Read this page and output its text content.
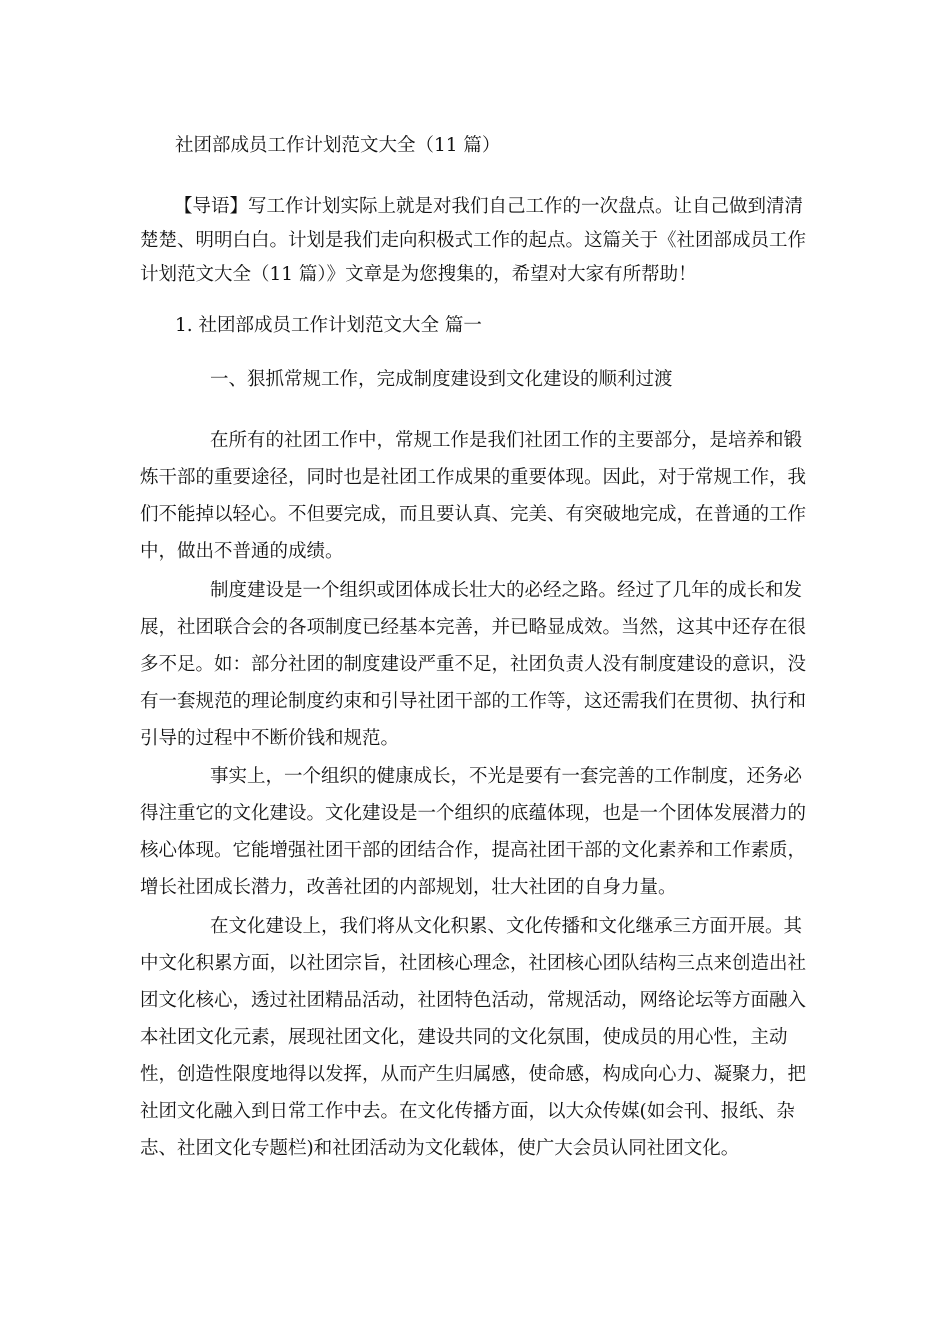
社团部成员工作计划范文大全（11 篇）

【导语】写工作计划实际上就是对我们自己工作的一次盘点。让自己做到清清楚楚、明明白白。计划是我们走向积极式工作的起点。这篇关于《社团部成员工作计划范文大全（11 篇）》文章是为您搜集的，希望对大家有所帮助！

1. 社团部成员工作计划范文大全 篇一

一、狠抓常规工作，完成制度建设到文化建设的顺利过渡

在所有的社团工作中，常规工作是我们社团工作的主要部分，是培养和锻炼干部的重要途径，同时也是社团工作成果的重要体现。因此，对于常规工作，我们不能掉以轻心。不但要完成，而且要认真、完美、有突破地完成，在普通的工作中，做出不普通的成绩。

制度建设是一个组织或团体成长壮大的必经之路。经过了几年的成长和发展，社团联合会的各项制度已经基本完善，并已略显成效。当然，这其中还存在很多不足。如：部分社团的制度建设严重不足，社团负责人没有制度建设的意识，没有一套规范的理论制度约束和引导社团干部的工作等，这还需我们在贯彻、执行和引导的过程中不断价钱和规范。

事实上，一个组织的健康成长，不光是要有一套完善的工作制度，还务必得注重它的文化建设。文化建设是一个组织的底蕴体现，也是一个团体发展潜力的核心体现。它能增强社团干部的团结合作，提高社团干部的文化素养和工作素质，增长社团成长潜力，改善社团的内部规划，壮大社团的自身力量。

在文化建设上，我们将从文化积累、文化传播和文化继承三方面开展。其中文化积累方面，以社团宗旨，社团核心理念，社团核心团队结构三点来创造出社团文化核心，透过社团精品活动，社团特色活动，常规活动，网络论坛等方面融入本社团文化元素，展现社团文化，建设共同的文化氛围，使成员的用心性，主动性，创造性限度地得以发挥，从而产生归属感，使命感，构成向心力、凝聚力，把社团文化融入到日常工作中去。在文化传播方面，以大众传媒(如会刊、报纸、杂志、社团文化专题栏)和社团活动为文化载体，使广大会员认同社团文化。
